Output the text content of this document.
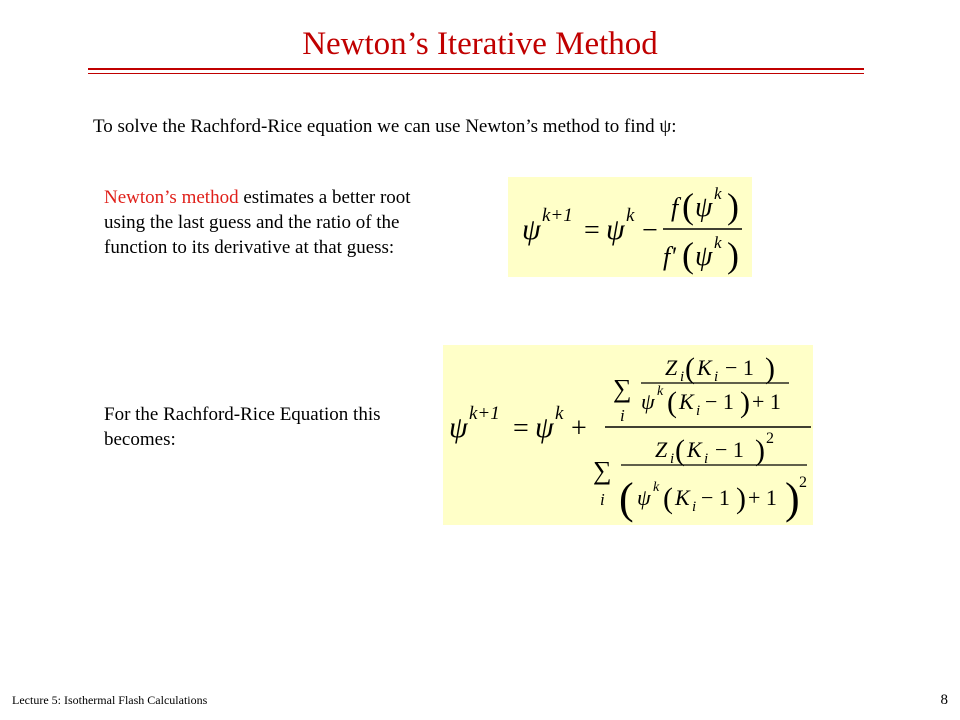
Newton’s Iterative Method
To solve the Rachford-Rice equation we can use Newton’s method to find ψ:
Newton’s method estimates a better root using the last guess and the ratio of the function to its derivative at that guess:
ψ k+1 = ψ k −
f ( ψ k )
f' ( ψ k )
For the Rachford-Rice Equation this becomes:	ψ k+1 = ψ k +
∑
i
Z i ( K i − 1 )
ψ k ( K i − 1 ) + 1
∑
i
Z i ( K i − 1 ) 2
( ψ k ( K i − 1 ) + 1 ) 2
Lecture 5: Isothermal Flash Calculations	8
